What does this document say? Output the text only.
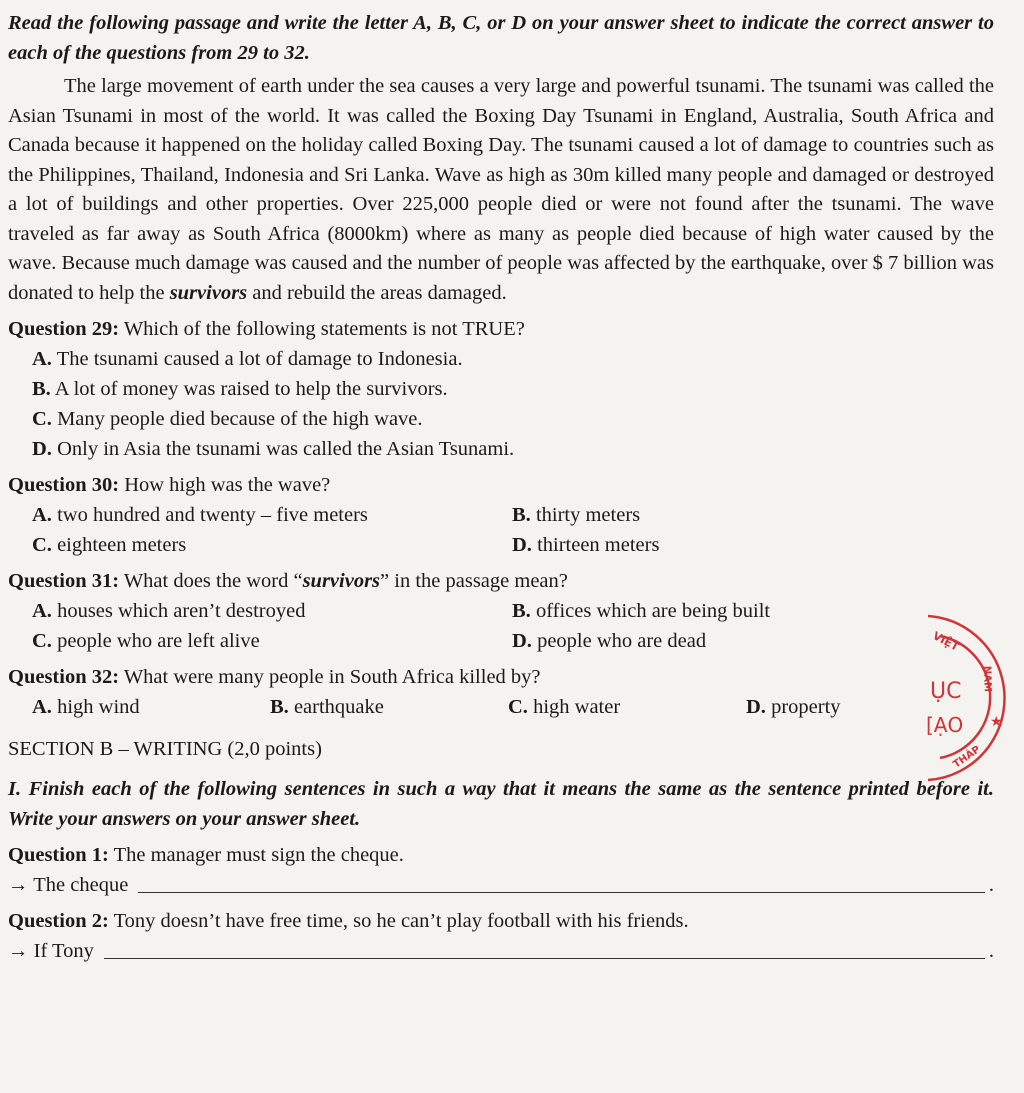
Read the following passage and write the letter A, B, C, or D on your answer sheet to indicate the correct answer to each of the questions from 29 to 32.

The large movement of earth under the sea causes a very large and powerful tsunami. The tsunami was called the Asian Tsunami in most of the world. It was called the Boxing Day Tsunami in England, Australia, South Africa and Canada because it happened on the holiday called Boxing Day. The tsunami caused a lot of damage to countries such as the Philippines, Thailand, Indonesia and Sri Lanka. Wave as high as 30m killed many people and damaged or destroyed a lot of buildings and other properties. Over 225,000 people died or were not found after the tsunami. The wave traveled as far away as South Africa (8000km) where as many as people died because of high water caused by the wave. Because much damage was caused and the number of people was affected by the earthquake, over $ 7 billion was donated to help the survivors and rebuild the areas damaged.

Question 29: Which of the following statements is not TRUE?
A. The tsunami caused a lot of damage to Indonesia.
B. A lot of money was raised to help the survivors.
C. Many people died because of the high wave.
D. Only in Asia the tsunami was called the Asian Tsunami.
Question 30: How high was the wave?
A. two hundred and twenty – five meters	B. thirty meters
C. eighteen meters	D. thirteen meters
Question 31: What does the word “survivors” in the passage mean?
A. houses which aren’t destroyed	B. offices which are being built
C. people who are left alive	D. people who are dead
Question 32: What were many people in South Africa killed by?
A. high wind	B. earthquake	C. high water	D. property
SECTION B – WRITING (2,0 points)
I. Finish each of the following sentences in such a way that it means the same as the sentence printed before it. Write your answers on your answer sheet.
Question 1: The manager must sign the cheque.
→ The cheque	.
Question 2: Tony doesn’t have free time, so he can’t play football with his friends.
→ If Tony	.
VIỆT
NAM
THÁP
ỤC
[ẠO ★
